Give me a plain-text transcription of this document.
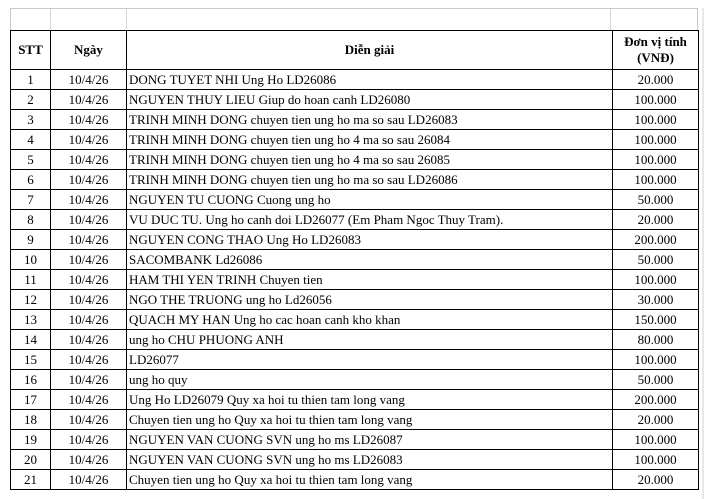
STT	Ngày	Diễn giải	Đơn vị tính
(VNĐ)

1	10/4/26	DONG TUYET NHI Ung Ho LD26086	20.000
2	10/4/26	NGUYEN THUY LIEU Giup do hoan canh LD26080	100.000
3	10/4/26	TRINH MINH DONG chuyen tien ung ho ma so sau LD26083	100.000
4	10/4/26	TRINH MINH DONG chuyen tien ung ho 4 ma so sau 26084	100.000
5	10/4/26	TRINH MINH DONG chuyen tien ung ho 4 ma so sau 26085	100.000
6	10/4/26	TRINH MINH DONG chuyen tien ung ho ma so sau LD26086	100.000
7	10/4/26	NGUYEN TU CUONG Cuong ung ho	50.000
8	10/4/26	VU DUC TU. Ung ho canh doi LD26077 (Em Pham Ngoc Thuy Tram).	20.000
9	10/4/26	NGUYEN CONG THAO Ung Ho LD26083	200.000
10	10/4/26	SACOMBANK Ld26086	50.000
11	10/4/26	HAM THI YEN TRINH Chuyen tien	100.000
12	10/4/26	NGO THE TRUONG ung ho Ld26056	30.000
13	10/4/26	QUACH MY HAN Ung ho cac hoan canh kho khan	150.000
14	10/4/26	ung ho CHU PHUONG ANH	80.000
15	10/4/26	LD26077	100.000
16	10/4/26	ung ho quy	50.000
17	10/4/26	Ung Ho LD26079 Quy xa hoi tu thien tam long vang	200.000
18	10/4/26	Chuyen tien ung ho Quy xa hoi tu thien tam long vang	20.000
19	10/4/26	NGUYEN VAN CUONG SVN ung ho ms LD26087	100.000
20	10/4/26	NGUYEN VAN CUONG SVN ung ho ms LD26083	100.000
21	10/4/26	Chuyen tien ung ho Quy xa hoi tu thien tam long vang	20.000
